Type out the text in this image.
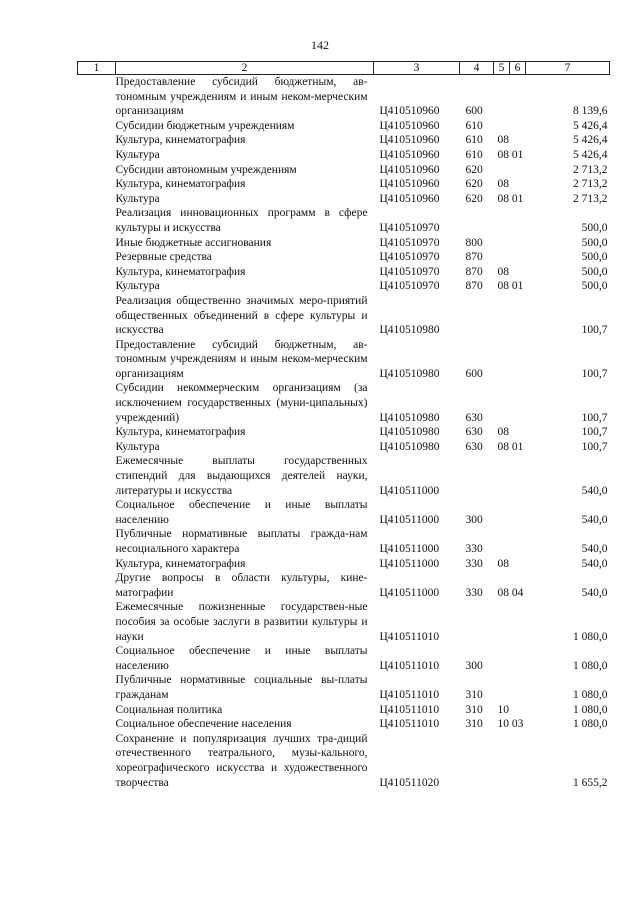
142
1	2	3	4	5	6	7
	Предоставление субсидий бюджетным, ав-тономным учреждениям и иным неком-мерческим организациям	Ц410510960	600			8 139,6
	Субсидии бюджетным учреждениям	Ц410510960	610			5 426,4
	Культура, кинематография	Ц410510960	610	08		5 426,4
	Культура	Ц410510960	610	08 01		5 426,4
	Субсидии автономным учреждениям	Ц410510960	620			2 713,2
	Культура, кинематография	Ц410510960	620	08		2 713,2
	Культура	Ц410510960	620	08 01		2 713,2
	Реализация инновационных программ в сфере культуры и искусства	Ц410510970				500,0
	Иные бюджетные ассигнования	Ц410510970	800			500,0
	Резервные средства	Ц410510970	870			500,0
	Культура, кинематография	Ц410510970	870	08		500,0
	Культура	Ц410510970	870	08 01		500,0
	Реализация общественно значимых меро-приятий общественных объединений в сфере культуры и искусства	Ц410510980				100,7
	Предоставление субсидий бюджетным, ав-тономным учреждениям и иным неком-мерческим организациям	Ц410510980	600			100,7
	Субсидии некоммерческим организациям (за исключением государственных (муни-ципальных) учреждений)	Ц410510980	630			100,7
	Культура, кинематография	Ц410510980	630	08		100,7
	Культура	Ц410510980	630	08 01		100,7
	Ежемесячные выплаты государственных стипендий для выдающихся деятелей науки, литературы и искусства	Ц410511000				540,0
	Социальное обеспечение и иные выплаты населению	Ц410511000	300			540,0
	Публичные нормативные выплаты гражда-нам несоциального характера	Ц410511000	330			540,0
	Культура, кинематография	Ц410511000	330	08		540,0
	Другие вопросы в области культуры, кине-матографии	Ц410511000	330	08 04		540,0
	Ежемесячные пожизненные государствен-ные пособия за особые заслуги в развитии культуры и науки	Ц410511010				1 080,0
	Социальное обеспечение и иные выплаты населению	Ц410511010	300			1 080,0
	Публичные нормативные социальные вы-платы гражданам	Ц410511010	310			1 080,0
	Социальная политика	Ц410511010	310	10		1 080,0
	Социальное обеспечение населения	Ц410511010	310	10 03		1 080,0
	Сохранение и популяризация лучших тра-диций отечественного театрального, музы-кального, хореографического искусства и художественного творчества	Ц410511020				1 655,2
